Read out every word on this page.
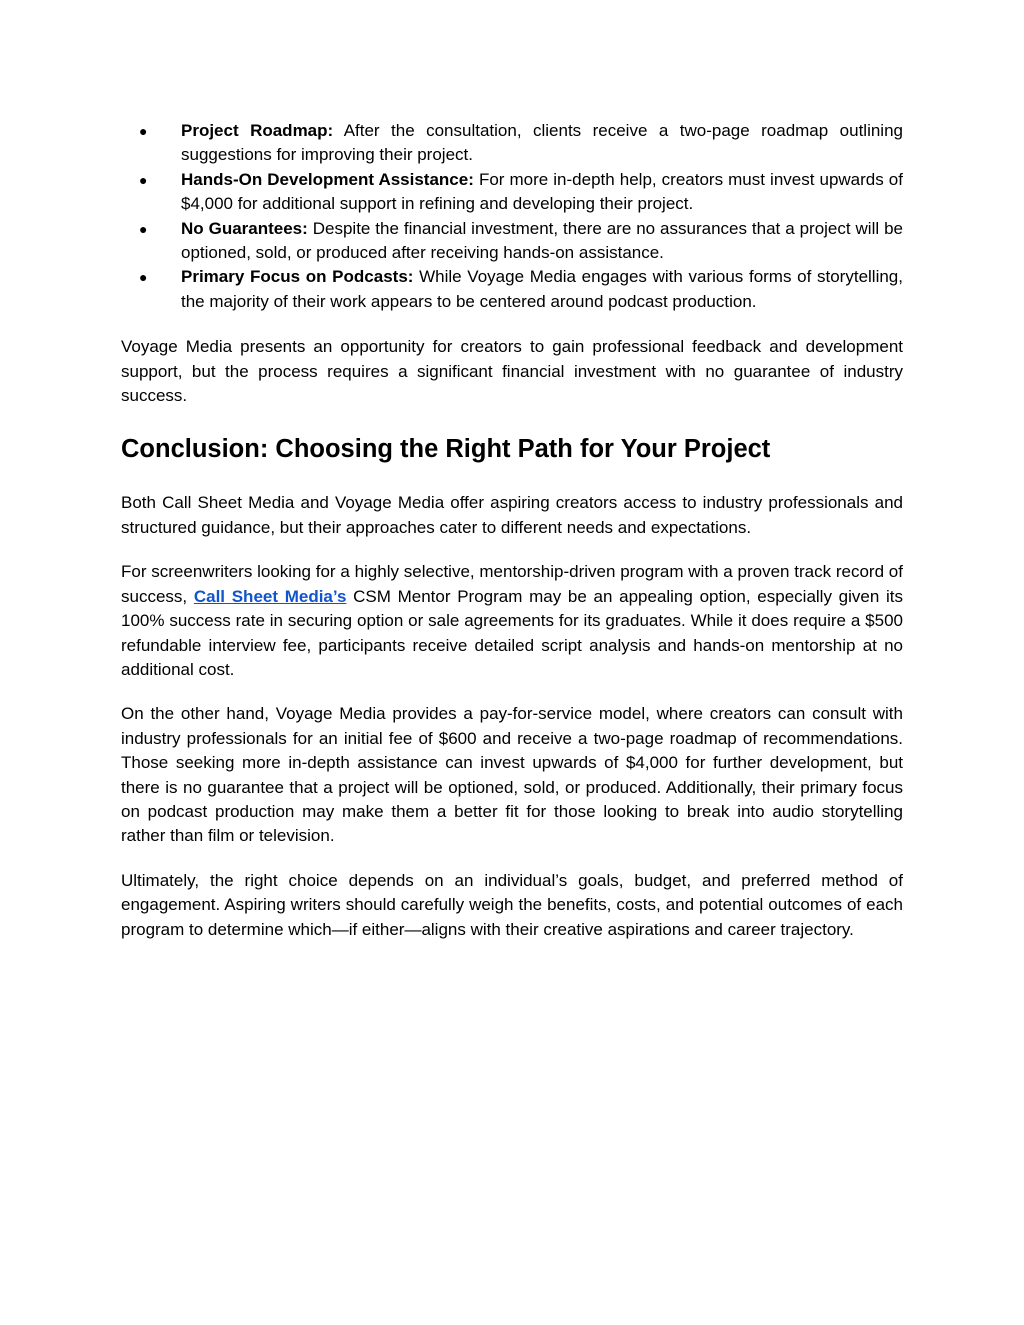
● Project Roadmap: After the consultation, clients receive a two-page roadmap outlining suggestions for improving their project.
● Hands-On Development Assistance: For more in-depth help, creators must invest upwards of $4,000 for additional support in refining and developing their project.
● No Guarantees: Despite the financial investment, there are no assurances that a project will be optioned, sold, or produced after receiving hands-on assistance.
● Primary Focus on Podcasts: While Voyage Media engages with various forms of storytelling, the majority of their work appears to be centered around podcast production.

Voyage Media presents an opportunity for creators to gain professional feedback and development support, but the process requires a significant financial investment with no guarantee of industry success.

Conclusion: Choosing the Right Path for Your Project

Both Call Sheet Media and Voyage Media offer aspiring creators access to industry professionals and structured guidance, but their approaches cater to different needs and expectations.

For screenwriters looking for a highly selective, mentorship-driven program with a proven track record of success, Call Sheet Media’s CSM Mentor Program may be an appealing option, especially given its 100% success rate in securing option or sale agreements for its graduates. While it does require a $500 refundable interview fee, participants receive detailed script analysis and hands-on mentorship at no additional cost.

On the other hand, Voyage Media provides a pay-for-service model, where creators can consult with industry professionals for an initial fee of $600 and receive a two-page roadmap of recommendations. Those seeking more in-depth assistance can invest upwards of $4,000 for further development, but there is no guarantee that a project will be optioned, sold, or produced. Additionally, their primary focus on podcast production may make them a better fit for those looking to break into audio storytelling rather than film or television.

Ultimately, the right choice depends on an individual’s goals, budget, and preferred method of engagement. Aspiring writers should carefully weigh the benefits, costs, and potential outcomes of each program to determine which—if either—aligns with their creative aspirations and career trajectory.
